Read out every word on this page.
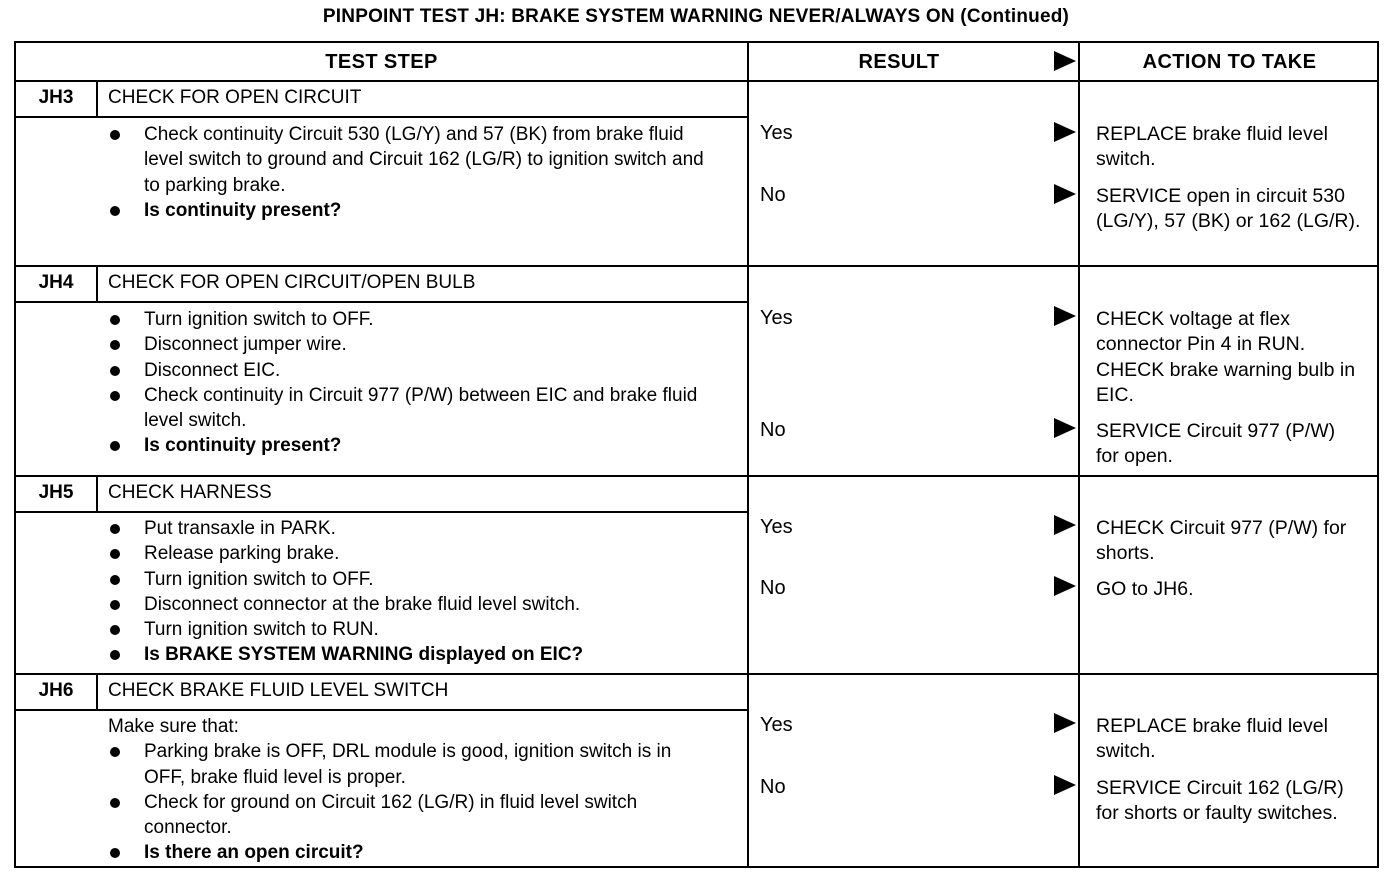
PINPOINT TEST JH: BRAKE SYSTEM WARNING NEVER/ALWAYS ON (Continued)
TEST STEP	RESULT	ACTION TO TAKE
JH3	CHECK FOR OPEN CIRCUIT
Check continuity Circuit 530 (LG/Y) and 57 (BK) from brake fluid level switch to ground and Circuit 162 (LG/R) to ignition switch and to parking brake.
Is continuity present?
Yes	REPLACE brake fluid level switch.
No	SERVICE open in circuit 530 (LG/Y), 57 (BK) or 162 (LG/R).
JH4	CHECK FOR OPEN CIRCUIT/OPEN BULB
Turn ignition switch to OFF.
Disconnect jumper wire.
Disconnect EIC.
Check continuity in Circuit 977 (P/W) between EIC and brake fluid level switch.
Is continuity present?
Yes	CHECK voltage at flex connector Pin 4 in RUN. CHECK brake warning bulb in EIC.
No	SERVICE Circuit 977 (P/W) for open.
JH5	CHECK HARNESS
Put transaxle in PARK.
Release parking brake.
Turn ignition switch to OFF.
Disconnect connector at the brake fluid level switch.
Turn ignition switch to RUN.
Is BRAKE SYSTEM WARNING displayed on EIC?
Yes	CHECK Circuit 977 (P/W) for shorts.
No	GO to JH6.
JH6	CHECK BRAKE FLUID LEVEL SWITCH
Make sure that:
Parking brake is OFF, DRL module is good, ignition switch is in OFF, brake fluid level is proper.
Check for ground on Circuit 162 (LG/R) in fluid level switch connector.
Is there an open circuit?
Yes	REPLACE brake fluid level switch.
No	SERVICE Circuit 162 (LG/R) for shorts or faulty switches.
